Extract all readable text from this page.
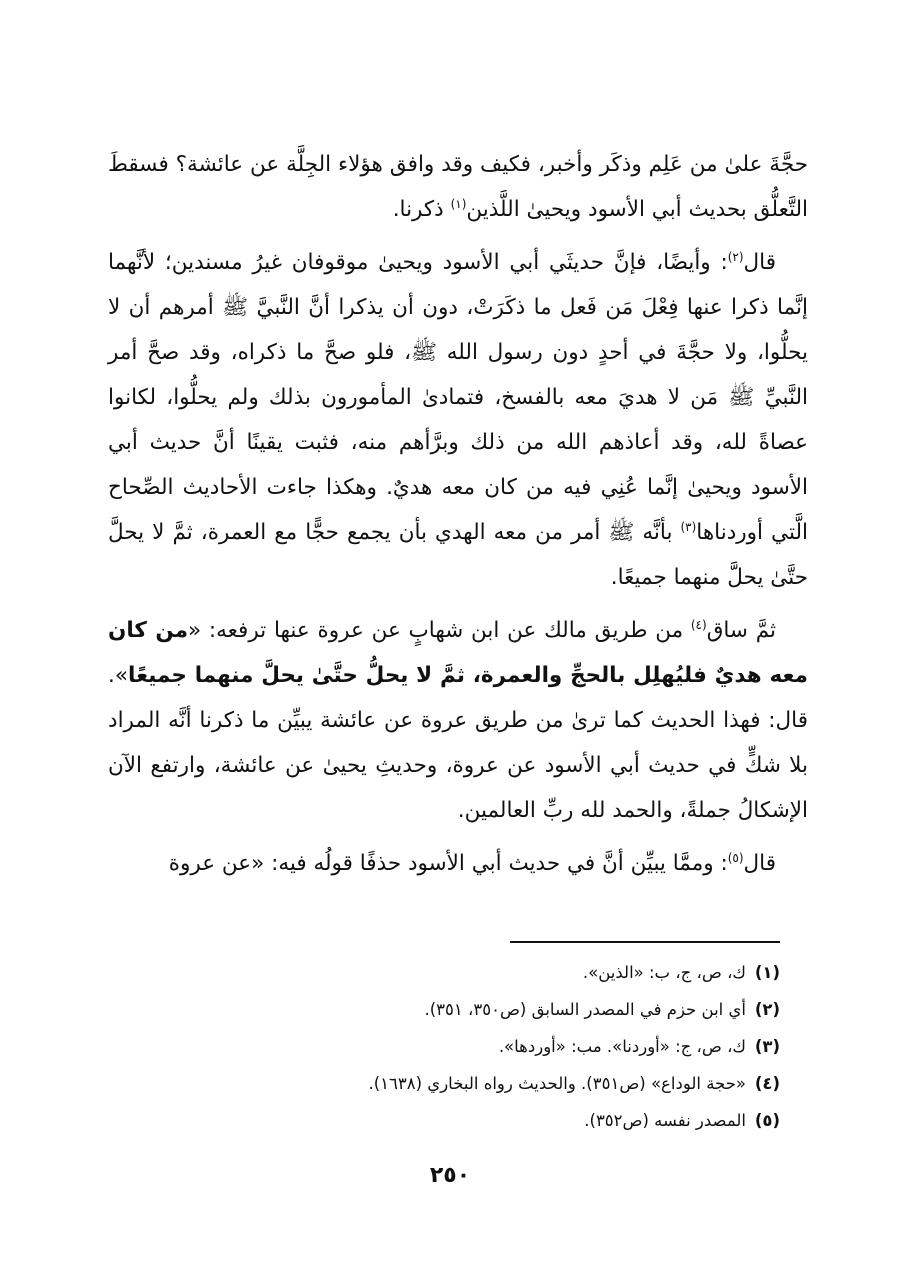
حجَّةَ علىٰ من عَلِم وذكَر وأخبر، فكيف وقد وافق هؤلاء الجِلَّة عن عائشة؟ فسقطَ التَّعلُّق بحديث أبي الأسود ويحيىٰ اللَّذين$^{(١)}$ ذكرنا.

قال$^{(٢)}$: وأيضًا، فإنَّ حديثَي أبي الأسود ويحيىٰ موقوفان غيرُ مسندين؛ لأنَّهما إنَّما ذكرا عنها فِعْلَ مَن فَعل ما ذكَرَتْ، دون أن يذكرا أنَّ النَّبيَّ ﷺ أمرهم أن لا يحلُّوا، ولا حجَّةَ في أحدٍ دون رسول الله ﷺ، فلو صحَّ ما ذكراه، وقد صحَّ أمر النَّبيِّ ﷺ مَن لا هديَ معه بالفسخ، فتمادىٰ المأمورون بذلك ولم يحلُّوا، لكانوا عصاةً لله، وقد أعاذهم الله من ذلك وبرَّأهم منه، فثبت يقينًا أنَّ حديث أبي الأسود ويحيىٰ إنَّما عُنِي فيه من كان معه هديٌ. وهكذا جاءت الأحاديث الصِّحاح الَّتي أوردناها$^{(٣)}$ بأنَّه ﷺ أمر من معه الهدي بأن يجمع حجًّا مع العمرة، ثمَّ لا يحلَّ حتَّىٰ يحلَّ منهما جميعًا.

ثمَّ ساق$^{(٤)}$ من طريق مالك عن ابن شهابٍ عن عروة عنها ترفعه: «من كان معه هديٌ فليُهلِل بالحجِّ والعمرة، ثمَّ لا يحلُّ حتَّىٰ يحلَّ منهما جميعًا». قال: فهذا الحديث كما ترىٰ من طريق عروة عن عائشة يبيِّن ما ذكرنا أنَّه المراد بلا شكٍّ في حديث أبي الأسود عن عروة، وحديثِ يحيىٰ عن عائشة، وارتفع الآن الإشكالُ جملةً، والحمد لله ربِّ العالمين.

قال$^{(٥)}$: وممَّا يبيِّن أنَّ في حديث أبي الأسود حذفًا قولُه فيه: «عن عروة

(١)ك، ص، ج، ب: «الذين».
(٢)أي ابن حزم في المصدر السابق (ص٣٥٠، ٣٥١).
(٣)ك، ص، ج: «أوردنا». مب: «أوردها».
(٤)«حجة الوداع» (ص٣٥١). والحديث رواه البخاري (١٦٣٨).
(٥)المصدر نفسه (ص٣٥٢).
٢٥٠
